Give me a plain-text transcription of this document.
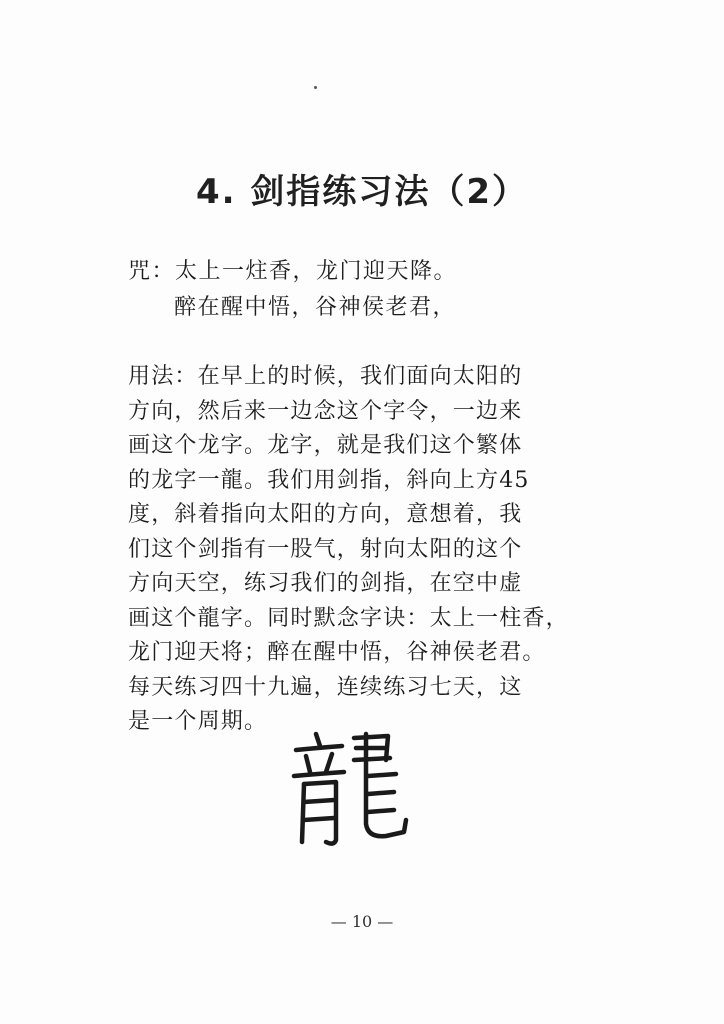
4. 剑指练习法（2）
咒：太上一炷香，龙门迎天降。
醉在醒中悟，谷神侯老君，
用法：在早上的时候，我们面向太阳的
方向，然后来一边念这个字令，一边来
画这个龙字。龙字，就是我们这个繁体
的龙字一龍。我们用剑指，斜向上方45
度，斜着指向太阳的方向，意想着，我
们这个剑指有一股气，射向太阳的这个
方向天空，练习我们的剑指，在空中虚
画这个龍字。同时默念字诀：太上一柱香，
龙门迎天将；醉在醒中悟，谷神侯老君。
每天练习四十九遍，连续练习七天，这
是一个周期。
— 10 —
